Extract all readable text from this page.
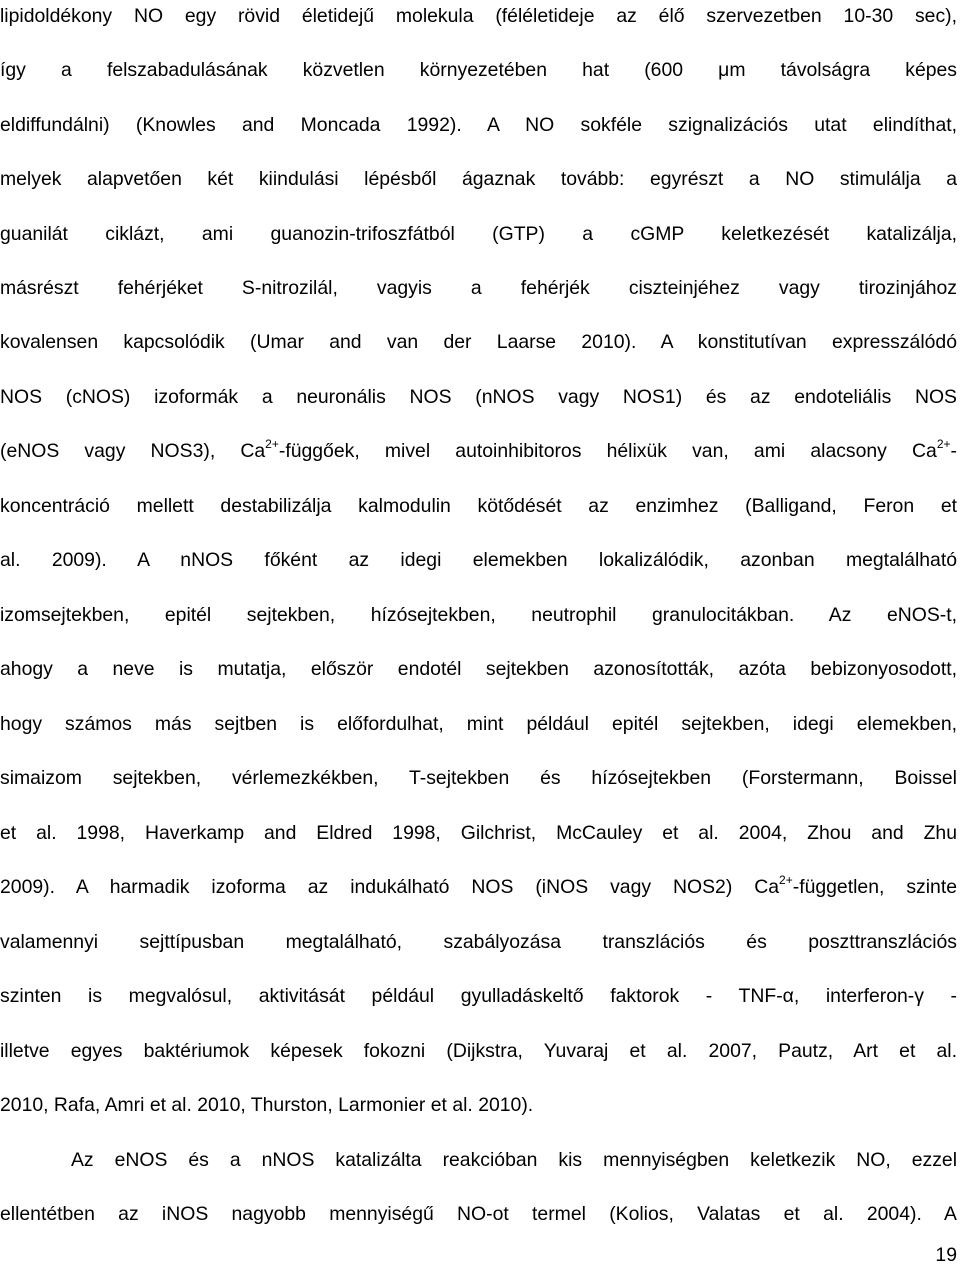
lipidoldékony NO egy rövid életidejű molekula (féléletideje az élő szervezetben 10-30 sec),
így a felszabadulásának közvetlen környezetében hat (600 μm távolságra képes
eldiffundálni) (Knowles and Moncada 1992). A NO sokféle szignalizációs utat elindíthat,
melyek alapvetően két kiindulási lépésből ágaznak tovább: egyrészt a NO stimulálja a
guanilát ciklázt, ami guanozin-trifoszfátból (GTP) a cGMP keletkezését katalizálja,
másrészt fehérjéket S-nitrozilál, vagyis a fehérjék ciszteinjéhez vagy tirozinjához
kovalensen kapcsolódik (Umar and van der Laarse 2010). A konstitutívan expresszálódó
NOS (cNOS) izoformák a neuronális NOS (nNOS vagy NOS1) és az endoteliális NOS
(eNOS vagy NOS3), $Ca^{2+}$-függőek, mivel autoinhibitoros hélixük van, ami alacsony $Ca^{2+}-$
koncentráció mellett destabilizálja kalmodulin kötődését az enzimhez (Balligand, Feron et
al. 2009). A nNOS főként az idegi elemekben lokalizálódik, azonban megtalálható
izomsejtekben, epitél sejtekben, hízósejtekben, neutrophil granulocitákban. Az eNOS-t,
ahogy a neve is mutatja, először endotél sejtekben azonosították, azóta bebizonyosodott,
hogy számos más sejtben is előfordulhat, mint például epitél sejtekben, idegi elemekben,
simaizom sejtekben, vérlemezkékben, T-sejtekben és hízósejtekben (Forstermann, Boissel
et al. 1998, Haverkamp and Eldred 1998, Gilchrist, McCauley et al. 2004, Zhou and Zhu
2009). A harmadik izoforma az indukálható NOS (iNOS vagy NOS2) $Ca^{2+}$-független, szinte
valamennyi sejttípusban megtalálható, szabályozása transzlációs és poszttranszlációs
szinten is megvalósul, aktivitását például gyulladáskeltő faktorok - TNF-α, interferon-γ -
illetve egyes baktériumok képesek fokozni (Dijkstra, Yuvaraj et al. 2007, Pautz, Art et al.
2010, Rafa, Amri et al. 2010, Thurston, Larmonier et al. 2010).
Az eNOS és a nNOS katalizálta reakcióban kis mennyiségben keletkezik NO, ezzel
ellentétben az iNOS nagyobb mennyiségű NO-ot termel (Kolios, Valatas et al. 2004). A
19
